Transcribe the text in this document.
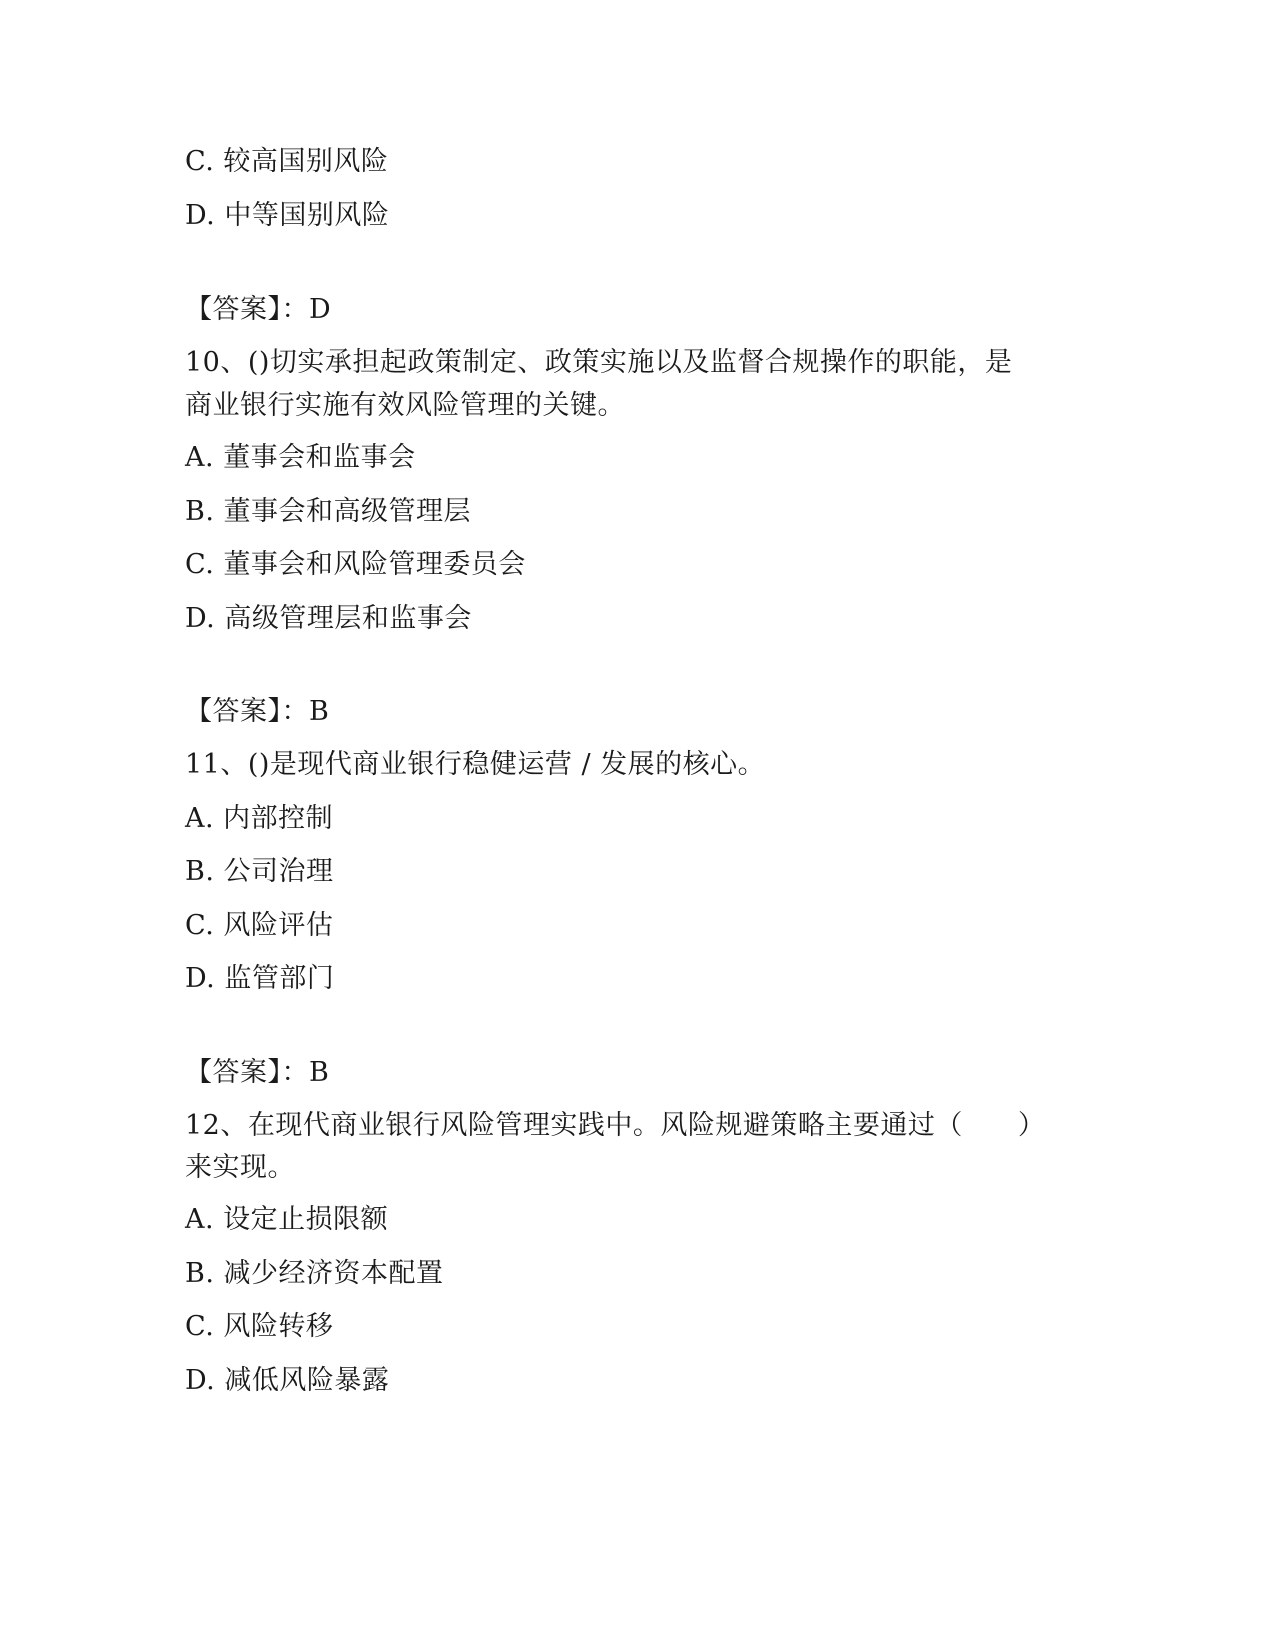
C. 较高国别风险
D. 中等国别风险
【答案】：D
10、()切实承担起政策制定、政策实施以及监督合规操作的职能，是
商业银行实施有效风险管理的关键。
A. 董事会和监事会
B. 董事会和高级管理层
C. 董事会和风险管理委员会
D. 高级管理层和监事会
【答案】：B
11、()是现代商业银行稳健运营 / 发展的核心。
A. 内部控制
B. 公司治理
C. 风险评估
D. 监管部门
【答案】：B
12、在现代商业银行风险管理实践中。风险规避策略主要通过（　　）
来实现。
A. 设定止损限额
B. 减少经济资本配置
C. 风险转移
D. 减低风险暴露
